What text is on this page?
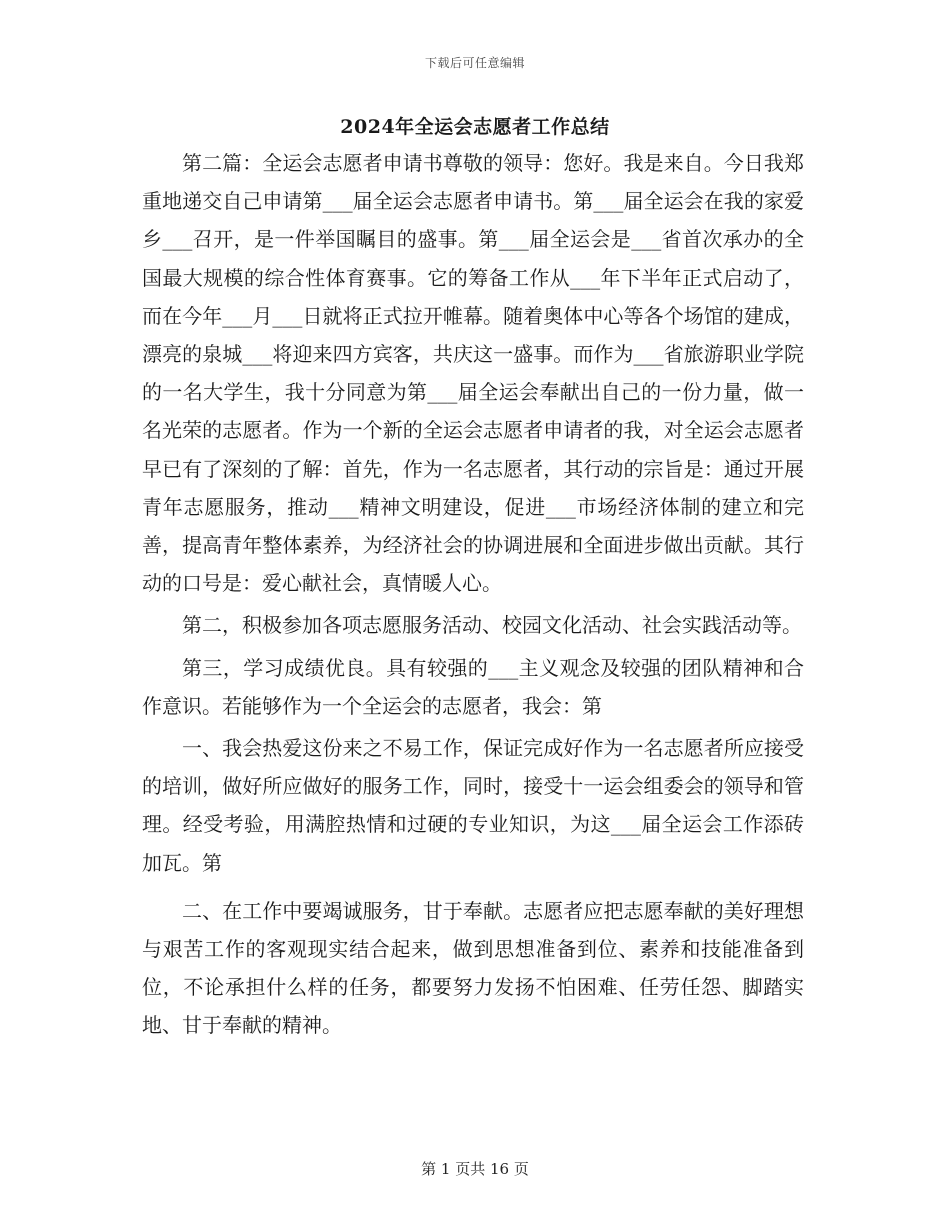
下载后可任意编辑
2024年全运会志愿者工作总结

第二篇：全运会志愿者申请书尊敬的领导：您好。我是来自。今日我郑重地递交自己申请第___届全运会志愿者申请书。第___届全运会在我的家爱乡___召开，是一件举国瞩目的盛事。第___届全运会是___省首次承办的全国最大规模的综合性体育赛事。它的筹备工作从___年下半年正式启动了，而在今年___月___日就将正式拉开帷幕。随着奥体中心等各个场馆的建成，漂亮的泉城___将迎来四方宾客，共庆这一盛事。而作为___省旅游职业学院的一名大学生，我十分同意为第___届全运会奉献出自己的一份力量，做一名光荣的志愿者。作为一个新的全运会志愿者申请者的我，对全运会志愿者早已有了深刻的了解：首先，作为一名志愿者，其行动的宗旨是：通过开展青年志愿服务，推动___精神文明建设，促进___市场经济体制的建立和完善，提高青年整体素养，为经济社会的协调进展和全面进步做出贡献。其行动的口号是：爱心献社会，真情暖人心。

第二，积极参加各项志愿服务活动、校园文化活动、社会实践活动等。

第三，学习成绩优良。具有较强的___主义观念及较强的团队精神和合作意识。若能够作为一个全运会的志愿者，我会：第

一、我会热爱这份来之不易工作，保证完成好作为一名志愿者所应接受的培训，做好所应做好的服务工作，同时，接受十一运会组委会的领导和管理。经受考验，用满腔热情和过硬的专业知识，为这___届全运会工作添砖加瓦。第

二、在工作中要竭诚服务，甘于奉献。志愿者应把志愿奉献的美好理想与艰苦工作的客观现实结合起来，做到思想准备到位、素养和技能准备到位，不论承担什么样的任务，都要努力发扬不怕困难、任劳任怨、脚踏实地、甘于奉献的精神。

第 1 页共 16 页
